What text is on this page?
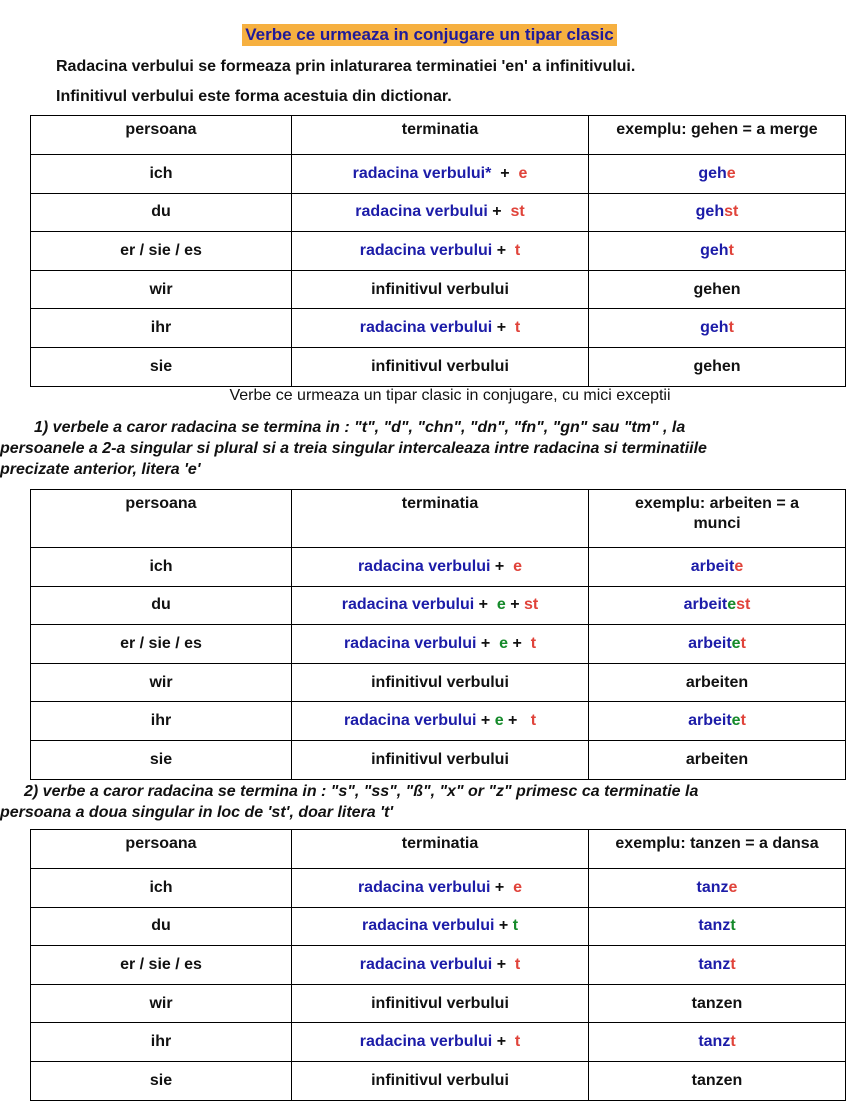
Verbe ce urmeaza in conjugare un tipar clasic
Radacina verbului se formeaza prin inlaturarea terminatiei 'en' a infinitivului.
Infinitivul verbului este forma acestuia din dictionar.
persoana	terminatia	exemplu: gehen = a merge
ich	radacina verbului*  +  e	gehe
du	radacina verbului +  st	gehst
er / sie / es	radacina verbului +  t	geht
wir	infinitivul verbului	gehen
ihr	radacina verbului +  t	geht
sie	infinitivul verbului	gehen
Verbe ce urmeaza un tipar clasic in conjugare, cu mici exceptii
1) verbele a caror radacina se termina in : "t", "d", "chn", "dn", "fn", "gn" sau "tm" , la
persoanele a 2-a singular si plural si a treia singular intercaleaza intre radacina si terminatiile
precizate anterior, litera 'e'
persoana	terminatia	exemplu: arbeiten = a munci
ich	radacina verbului +  e	arbeite
du	radacina verbului +  e + st	arbeitest
er / sie / es	radacina verbului +  e +  t	arbeitet
wir	infinitivul verbului	arbeiten
ihr	radacina verbului + e +   t	arbeitet
sie	infinitivul verbului	arbeiten
2) verbe a caror radacina se termina in : "s", "ss", "ß", "x" or "z" primesc ca terminatie la
persoana a doua singular in loc de 'st', doar litera 't'
persoana	terminatia	exemplu: tanzen = a dansa
ich	radacina verbului +  e	tanze
du	radacina verbului + t	tanzt
er / sie / es	radacina verbului +  t	tanzt
wir	infinitivul verbului	tanzen
ihr	radacina verbului +  t	tanzt
sie	infinitivul verbului	tanzen
